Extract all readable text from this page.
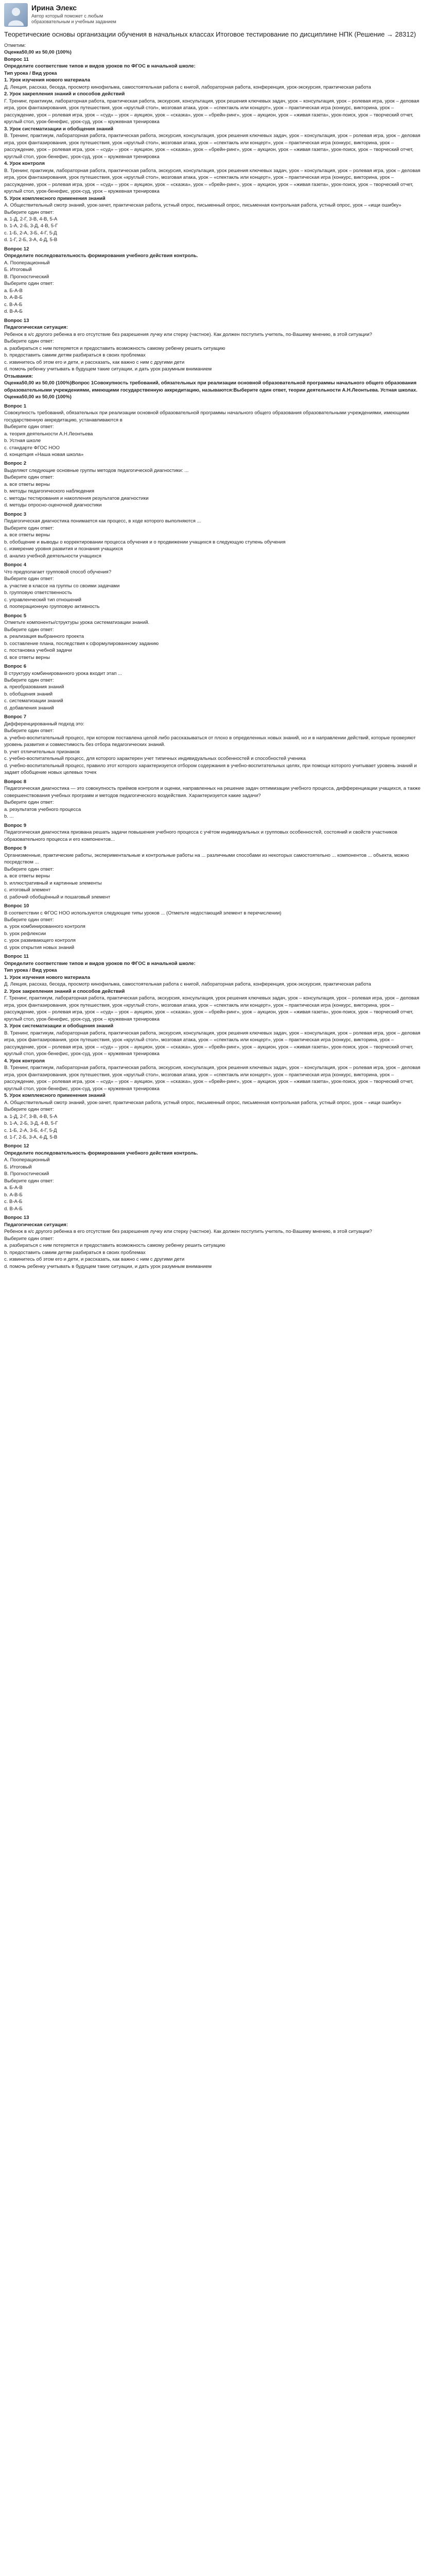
Ирина Элекс
Автор который поможет с любым образовательным и учебным заданием
Теоретические основы организации обучения в начальных классах Итоговое тестирование по дисциплине НПК (Решение → 28312)
Отметим:
Оценка50,00 из 50,00 (100%)
Вопрос 11
Определите соответствие типов и видов уроков по ФГОС в начальной школе:
Тип урока / Вид урока
1. Урок изучения нового материала
Д. Лекция, рассказ, беседа, просмотр кинофильма, самостоятельная работа с книгой, лабораторная работа, конференция, урок-экскурсия, практическая работа
2. Урок закрепления знаний и способов действий
Г. Тренинг, практикум, лабораторная работа, практическая работа, экскурсия, консультация, урок решения ключевых задач, урок – консультация, урок – ролевая игра, урок – деловая игра, урок фантазирования, урок путешествия, урок «круглый стол», мозговая атака, урок – «спектакль или концерт», урок – практическая игра (конкурс, викторина, урок – рассуждение, урок – ролевая игра, урок – «суд» – урок – аукцион, урок – «сказка», урок – «брейн-ринг», урок – аукцион, урок – «живая газета», урок-поиск, урок – творческий отчет, круглый стол, урок-бенефис, урок-суд, урок – кружевная тренировка
3. Урок систематизации и обобщения знаний
В. Тренинг, практикум, лабораторная работа, практическая работа, экскурсия, консультация, урок решения ключевых задач, урок – консультация, урок – ролевая игра, урок – деловая игра, урок фантазирования, урок путешествия, урок «круглый стол», мозговая атака, урок – «спектакль или концерт», урок – практическая игра (конкурс, викторина, урок – рассуждение, урок – ролевая игра, урок – «суд» – урок – аукцион, урок – «сказка», урок – «брейн-ринг», урок – аукцион, урок – «живая газета», урок-поиск, урок – творческий отчет, круглый стол, урок-бенефис, урок-суд, урок – кружевная тренировка
4. Урок контроля
В. Тренинг, практикум, лабораторная работа, практическая работа, экскурсия, консультация, урок решения ключевых задач, урок – консультация, урок – ролевая игра, урок – деловая игра, урок фантазирования, урок путешествия, урок «круглый стол», мозговая атака, урок – «спектакль или концерт», урок – практическая игра (конкурс, викторина, урок – рассуждение, урок – ролевая игра, урок – «суд» – урок – аукцион, урок – «сказка», урок – «брейн-ринг», урок – аукцион, урок – «живая газета», урок-поиск, урок – творческий отчет, круглый стол, урок-бенефис, урок-суд, урок – кружевная тренировка
5. Урок комплексного применения знаний
А. Обществительный смотр знаний, урок-зачет, практическая работа, устный опрос, письменный опрос, письменная контрольная работа, устный опрос, урок – «ищи ошибку»
Выберите один ответ:
а. 1-Д, 2-Г, 3-В, 4-В, 5-А
b. 1-А, 2-Б, 3-Д, 4-В, 5-Г
c. 1-Б, 2-А, 3-Б, 4-Г, 5-Д
d. 1-Г, 2-Б, 3-А, 4-Д, 5-В
Вопрос 12
Определите последовательность формирования учебного действия контроль.
А. Пооперационный
Б. Итоговый
В. Прогностический
Выберите один ответ:
a. Б-А-В
b. А-В-Б
c. В-А-Б
d. В-А-Б
Вопрос 13
Педагогическая ситуация:
Ребенок в к/с другого ребенка в его отсутствие без разрешения лучку или стерку (частное). Как должен поступить учитель, по-Вашему мнению, в этой ситуации?
Выберите один ответ:
a. разбираться с ним потеряется и предоставить возможность самому ребенку решить ситуацию
b. предоставить самим детям разбираться в своих проблемах
c. извинитесь об этом его и дети, и рассказать, как важно с ним с другими дети
d. помочь ребенку учитывать в будущем такие ситуации, и дать урок разумным вниманием
Отзывания:
Оценка50,00 из 50,00 (100%)Вопрос 1Совокупность требований, обязательных при реализации основной образовательной программы начального общего образования образовательными учреждениями, имеющими государственную аккредитацию, называются:Выберите один ответ, теории деятельности А.Н.Леонтьева. Устная школах.
Оценка50,00 из 50,00 (100%)
Вопрос 1
Совокупность требований, обязательных при реализации основной образовательной программы начального общего образования образовательными учреждениями, имеющими государственную аккредитацию, устанавливаются в
Выберите один ответ:
a. теория деятельности А.Н.Леонтьева
b. Устная школе
c. стандарте ФГОС НОО
d. концепция «Наша новая школа»
Вопрос 2
Выделяют следующие основные группы методов педагогической диагностики: ...
Выберите один ответ:
a. все ответы верны
b. методы педагогического наблюдения
c. методы тестирования и накопления результатов диагностики
d. методы опросно-оценочной диагностики
Вопрос 3
Педагогическая диагностика понимается как процесс, в ходе которого выполняются ...
Выберите один ответ:
a. все ответы верны
b. обобщение и выводы о корректировании процесса обучения и о продвижении учащихся в следующую ступень обучения
c. измерение уровня развития и познания учащихся
d. анализ учебной деятельности учащихся
Вопрос 4
Что предполагает групповой способ обучения?
Выберите один ответ:
a. участие в классе на группы со своими задачами
b. групповую ответственность
c. управленческий тип отношений
d. пооперационную групповую активность
Вопрос 5
Отметьте компоненты/структуры урока систематизации знаний.
Выберите один ответ:
a. реализация выбранного проекта
b. составление плана, последствия к сформулированному заданию
c. постановка учебной задачи
d. все ответы верны
Вопрос 6
В структуру комбинированного урока входит этап ...
Выберите один ответ:
a. преобразования знаний
b. обобщения знаний
c. систематизации знаний
d. добавления знаний
Вопрос 7
Дифференцированный подход это:
Выберите один ответ:
a. учебно-воспитательный процесс, при котором поставлена целой либо рассказываться от плохо в определенных новых знаний, но и в направлении действий, которые проверяют уровень развития и совместимость без отбора педагогических знаний.
b. учет отличительных признаков
c. учебно-воспитательный процесс, для которого характерен учет типичных индивидуальных особенностей и способностей ученика
d. учебно-воспитательный процесс, правило этот которого характеризуется отбором содержания в учебно-воспитательных целях, при помощи которого учитывает уровень знаний и задает обобщение новых целевых точек
Вопрос 8
Педагогическая диагностика — это совокупность приёмов контроля и оценки, направленных на решение задач оптимизации учебного процесса, дифференциации учащихся, а также совершенствования учебных программ и методов педагогического воздействия. Характеризуется какие задачи?
Выберите один ответ:
a. результатов учебного процесса
b. ...
Вопрос 9
Педагогическая диагностика призвана решать задачи повышения учебного процесса с учётом индивидуальных и групповых особенностей, состояний и свойств участников образовательного процесса и его компонентов...
Вопрос 9
Организменные, практические работы, экспериментальные и контрольные работы на ... различными способами из некоторых самостоятельно ... компонентов ... объекта, можно посредством ...
Выберите один ответ:
a. все ответы верны
b. иллюстративный и картинные элементы
c. итоговый элемент
d. рабочий обобщённый и пошаговый элемент
Вопрос 10
В соответствии с ФГОС НОО используются следующие типы уроков ... (Отметьте недостающий элемент в перечислении)
Выберите один ответ:
a. урок комбинированного контроля
b. урок рефлексии
c. урок развивающего контроля
d. урок открытия новых знаний
Вопрос 11
Определите соответствие типов и видов уроков по ФГОС в начальной школе:
Тип урока / Вид урока
1. Урок изучения нового материала
Д. Лекция, рассказ, беседа, просмотр кинофильма, самостоятельная работа с книгой, лабораторная работа, конференция, урок-экскурсия, практическая работа
2. Урок закрепления знаний и способов действий
Г. Тренинг, практикум, лабораторная работа, практическая работа, экскурсия, консультация, урок решения ключевых задач, урок – консультация, урок – ролевая игра, урок – деловая игра, урок фантазирования, урок путешествия, урок «круглый стол», мозговая атака, урок – «спектакль или концерт», урок – практическая игра (конкурс, викторина, урок – рассуждение, урок – ролевая игра, урок – «суд» – урок – аукцион, урок – «сказка», урок – «брейн-ринг», урок – аукцион, урок – «живая газета», урок-поиск, урок – творческий отчет, круглый стол, урок-бенефис, урок-суд, урок – кружевная тренировка
3. Урок систематизации и обобщения знаний
В. Тренинг, практикум, лабораторная работа, практическая работа, экскурсия, консультация, урок решения ключевых задач, урок – консультация, урок – ролевая игра, урок – деловая игра, урок фантазирования, урок путешествия, урок «круглый стол», мозговая атака, урок – «спектакль или концерт», урок – практическая игра (конкурс, викторина, урок – рассуждение, урок – ролевая игра, урок – «суд» – урок – аукцион, урок – «сказка», урок – «брейн-ринг», урок – аукцион, урок – «живая газета», урок-поиск, урок – творческий отчет, круглый стол, урок-бенефис, урок-суд, урок – кружевная тренировка
4. Урок контроля
В. Тренинг, практикум, лабораторная работа, практическая работа, экскурсия, консультация, урок решения ключевых задач, урок – консультация, урок – ролевая игра, урок – деловая игра, урок фантазирования, урок путешествия, урок «круглый стол», мозговая атака, урок – «спектакль или концерт», урок – практическая игра (конкурс, викторина, урок – рассуждение, урок – ролевая игра, урок – «суд» – урок – аукцион, урок – «сказка», урок – «брейн-ринг», урок – аукцион, урок – «живая газета», урок-поиск, урок – творческий отчет, круглый стол, урок-бенефис, урок-суд, урок – кружевная тренировка
5. Урок комплексного применения знаний
А. Обществительный смотр знаний, урок-зачет, практическая работа, устный опрос, письменный опрос, письменная контрольная работа, устный опрос, урок – «ищи ошибку»
Выберите один ответ:
а. 1-Д, 2-Г, 3-В, 4-В, 5-А
b. 1-А, 2-Б, 3-Д, 4-В, 5-Г
c. 1-Б, 2-А, 3-Б, 4-Г, 5-Д
d. 1-Г, 2-Б, 3-А, 4-Д, 5-В
Вопрос 12
Определите последовательность формирования учебного действия контроль.
А. Пооперационный
Б. Итоговый
В. Прогностический
Выберите один ответ:
a. Б-А-В
b. А-В-Б
c. В-А-Б
d. В-А-Б
Вопрос 13
Педагогическая ситуация:
Ребенок в к/с другого ребенка в его отсутствие без разрешения лучку или стерку (частное). Как должен поступить учитель, по-Вашему мнению, в этой ситуации?
Выберите один ответ:
a. разбираться с ним потеряется и предоставить возможность самому ребенку решить ситуацию
b. предоставить самим детям разбираться в своих проблемах
c. извинитесь об этом его и дети, и рассказать, как важно с ним с другими дети
d. помочь ребенку учитывать в будущем такие ситуации, и дать урок разумным вниманием
